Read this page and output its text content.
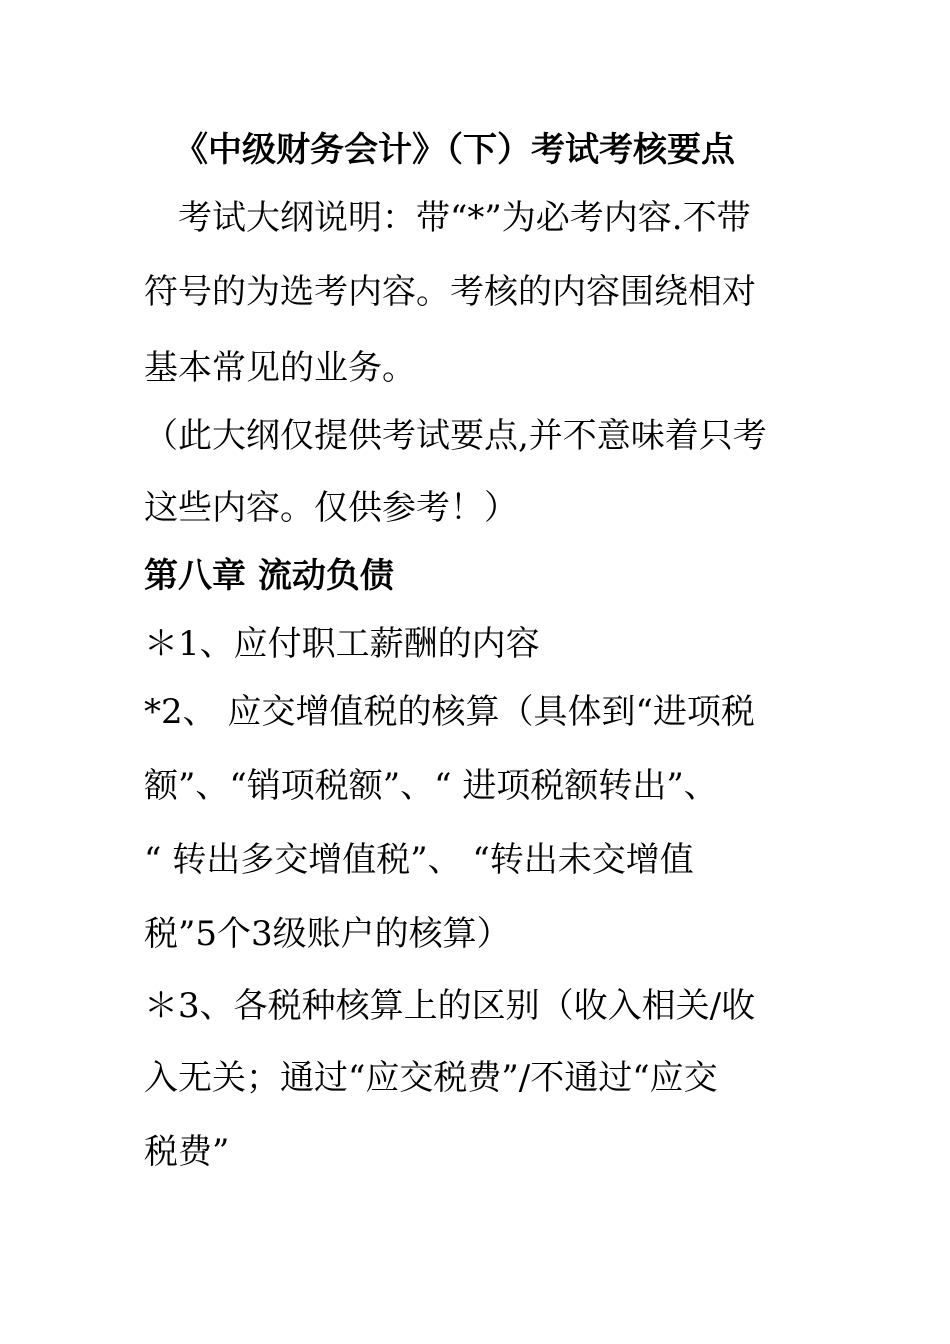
《中级财务会计》（下）考试考核要点
考试大纲说明：带“*”为必考内容.不带
符号的为选考内容。考核的内容围绕相对
基本常见的业务。
（此大纲仅提供考试要点,并不意味着只考
这些内容。仅供参考！）
第八章 流动负债
＊1、应付职工薪酬的内容
*2、 应交增值税的核算（具体到“进项税
额”、“销项税额”、“ 进项税额转出”、
“ 转出多交增值税”、 “转出未交增值
税”5个3级账户的核算）
＊3、各税种核算上的区别（收入相关/收
入无关；通过“应交税费”/不通过“应交
税费”
